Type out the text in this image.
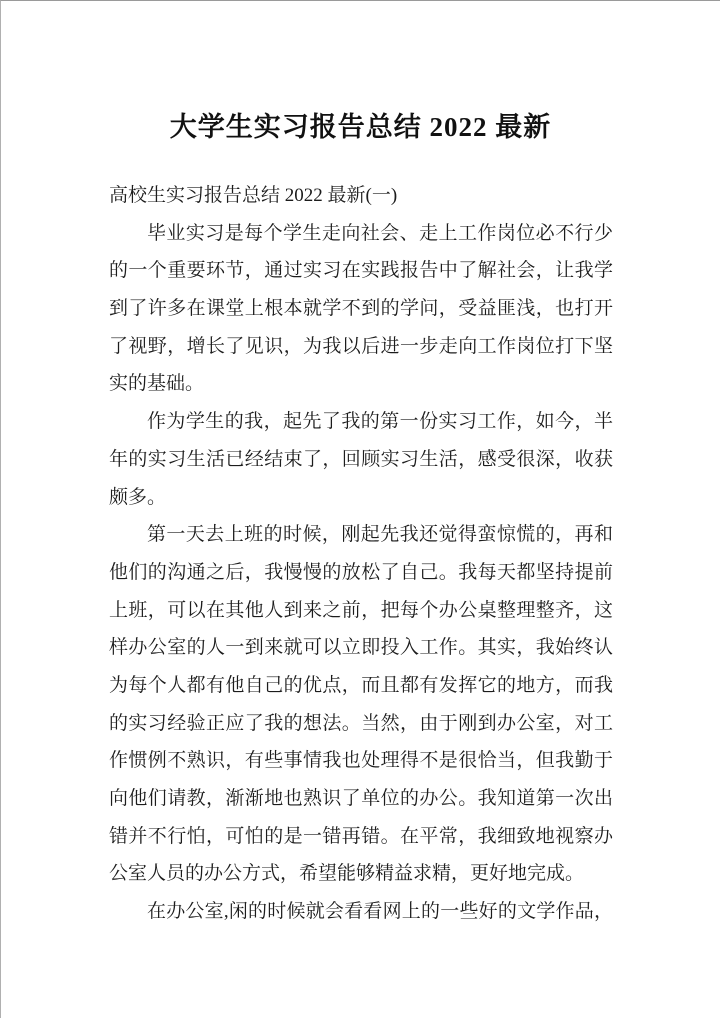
大学生实习报告总结 2022 最新
高校生实习报告总结 2022 最新(一)
毕业实习是每个学生走向社会、走上工作岗位必不行少
的一个重要环节，通过实习在实践报告中了解社会，让我学
到了许多在课堂上根本就学不到的学问，受益匪浅，也打开
了视野，增长了见识，为我以后进一步走向工作岗位打下坚
实的基础。
作为学生的我，起先了我的第一份实习工作，如今，半
年的实习生活已经结束了，回顾实习生活，感受很深，收获
颇多。
第一天去上班的时候，刚起先我还觉得蛮惊慌的，再和
他们的沟通之后，我慢慢的放松了自己。我每天都坚持提前
上班，可以在其他人到来之前，把每个办公桌整理整齐，这
样办公室的人一到来就可以立即投入工作。其实，我始终认
为每个人都有他自己的优点，而且都有发挥它的地方，而我
的实习经验正应了我的想法。当然，由于刚到办公室，对工
作惯例不熟识，有些事情我也处理得不是很恰当，但我勤于
向他们请教，渐渐地也熟识了单位的办公。我知道第一次出
错并不行怕，可怕的是一错再错。在平常，我细致地视察办
公室人员的办公方式，希望能够精益求精，更好地完成。
在办公室,闲的时候就会看看网上的一些好的文学作品，
